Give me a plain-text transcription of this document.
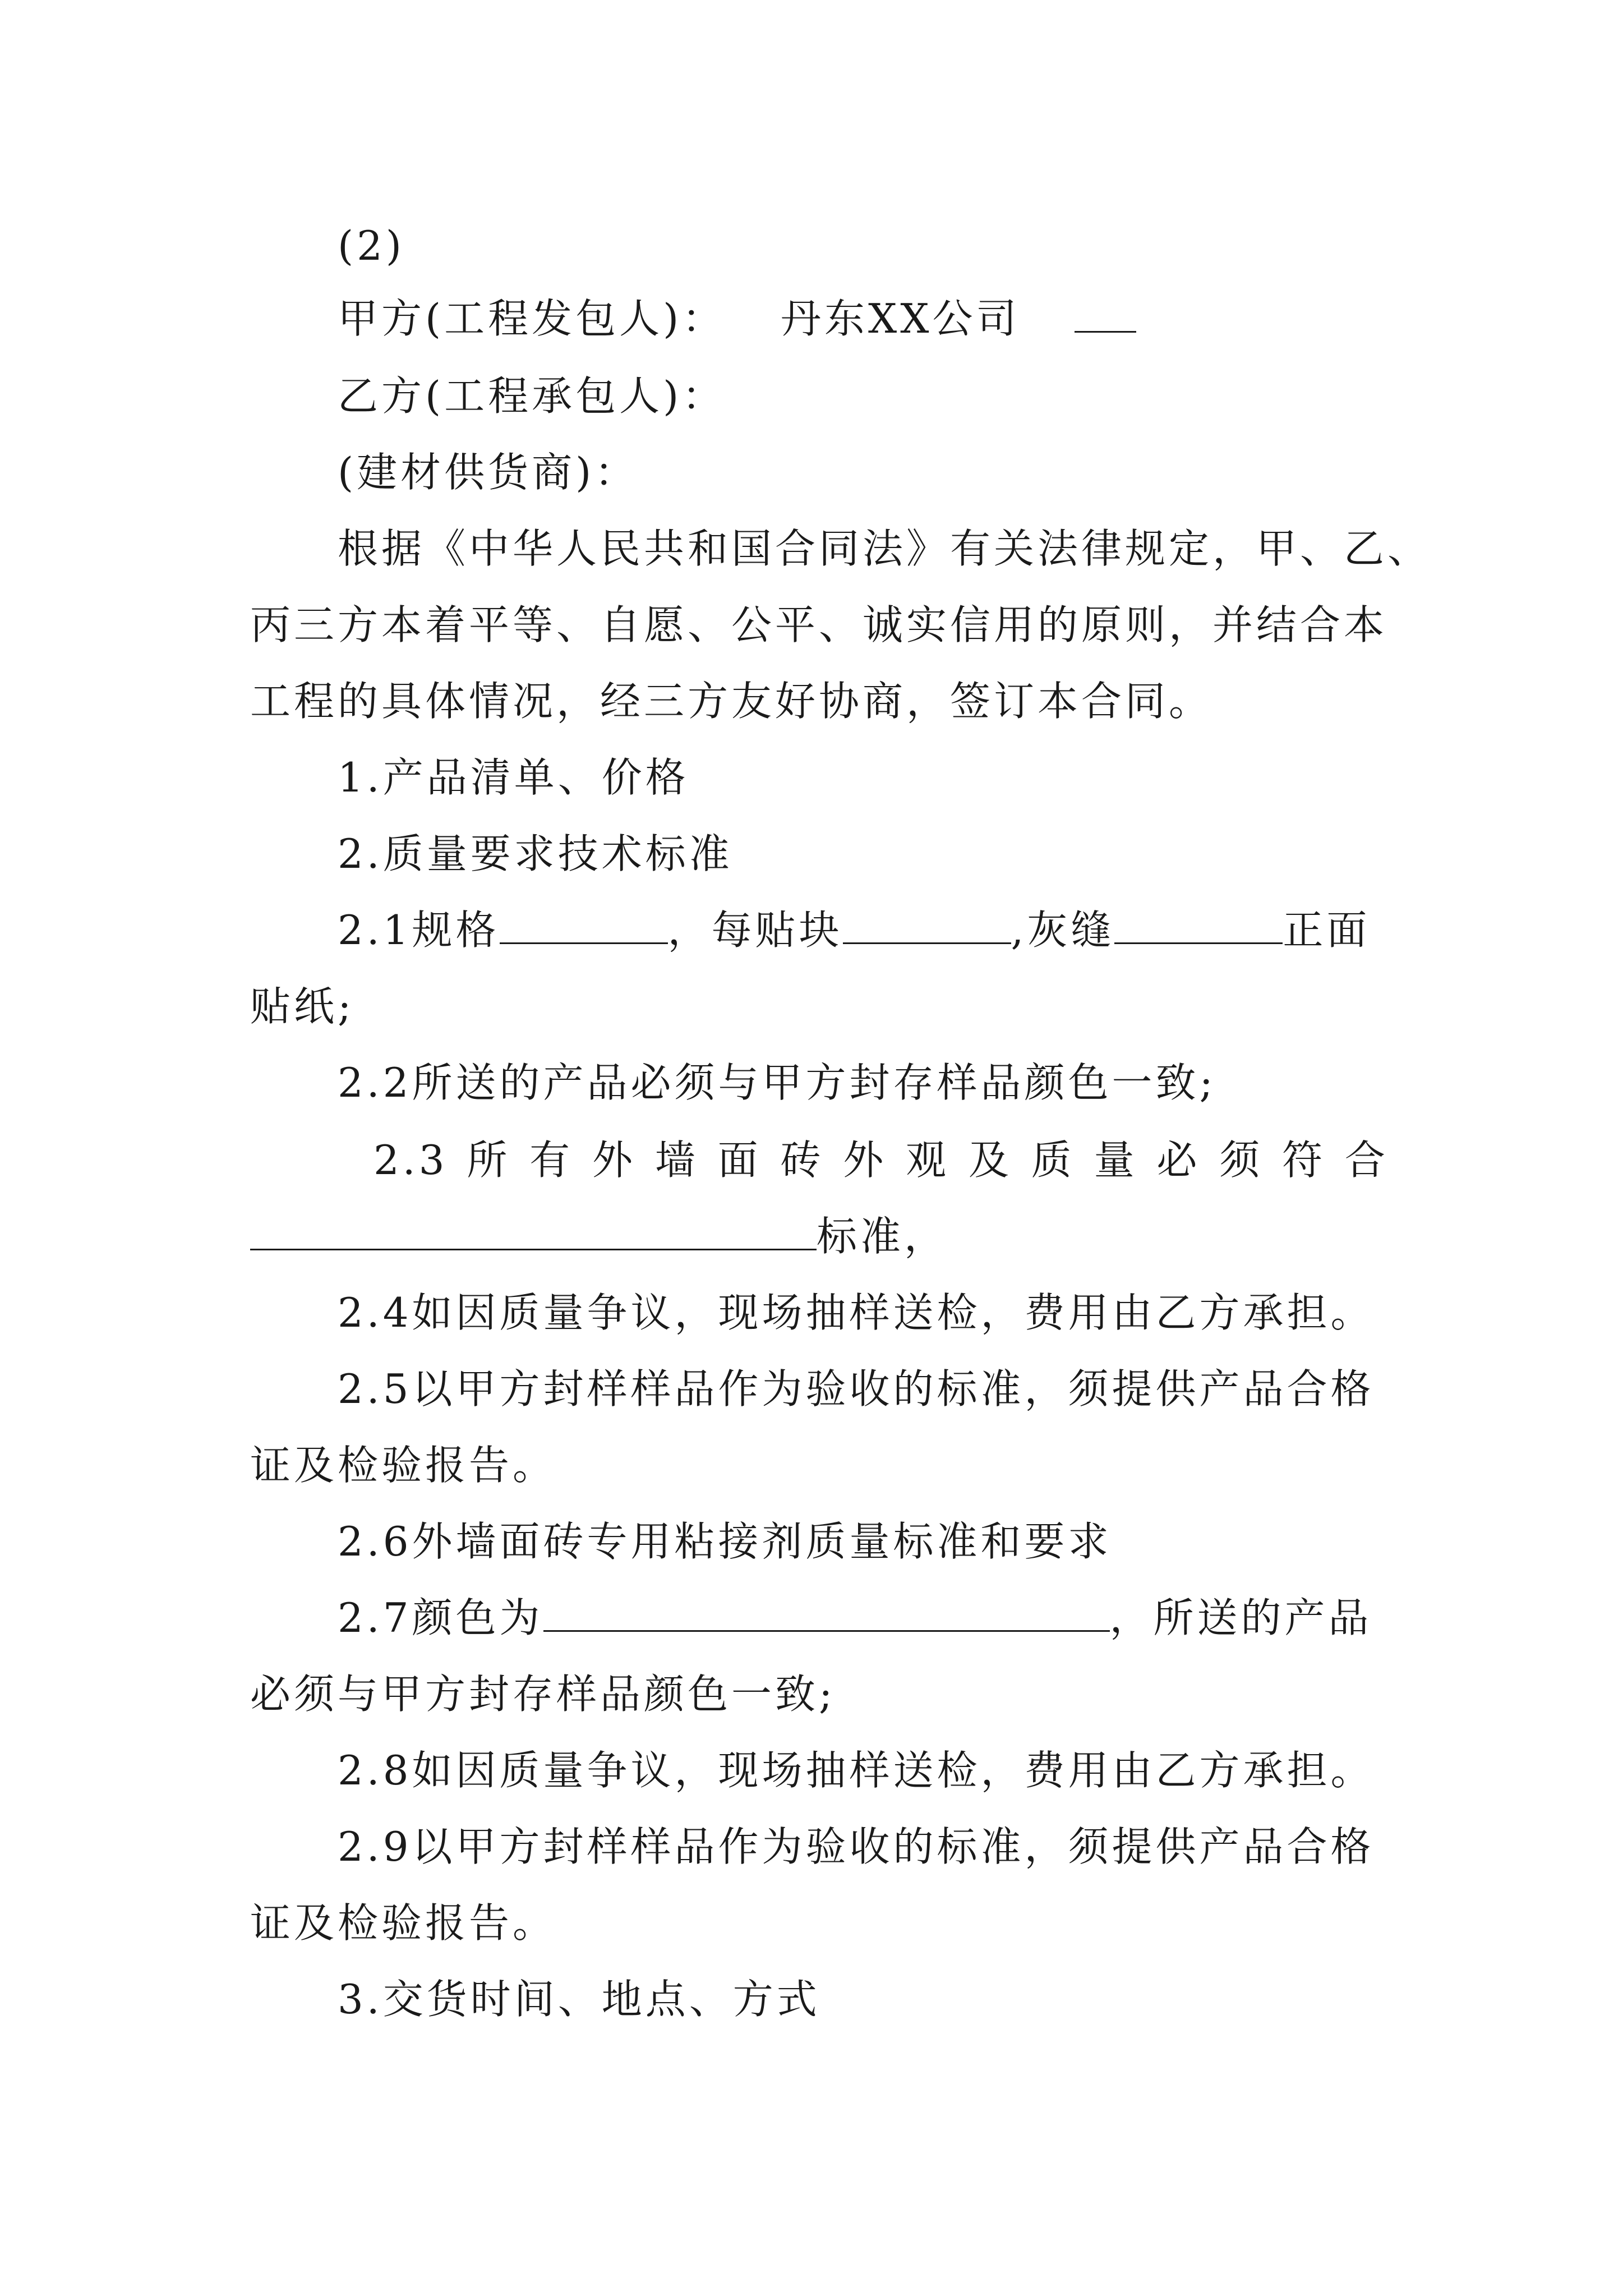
(2)
甲方(工程发包人)： 丹东XX公司
乙方(工程承包人)：
(建材供货商)：
根据《中华人民共和国合同法》有关法律规定，甲、乙、
丙三方本着平等、自愿、公平、诚实信用的原则，并结合本
工程的具体情况，经三方友好协商，签订本合同。
1.产品清单、价格
2.质量要求技术标准
2.1规格	，每贴块	,灰缝	正面
贴纸;
2.2所送的产品必须与甲方封存样品颜色一致;
2.3 所 有 外 墙 面 砖 外 观 及 质 量 必 须 符 合
标准，
2.4如因质量争议，现场抽样送检，费用由乙方承担。
2.5以甲方封样样品作为验收的标准，须提供产品合格
证及检验报告。
2.6外墙面砖专用粘接剂质量标准和要求
2.7颜色为	，所送的产品
必须与甲方封存样品颜色一致;
2.8如因质量争议，现场抽样送检，费用由乙方承担。
2.9以甲方封样样品作为验收的标准，须提供产品合格
证及检验报告。
3.交货时间、地点、方式
